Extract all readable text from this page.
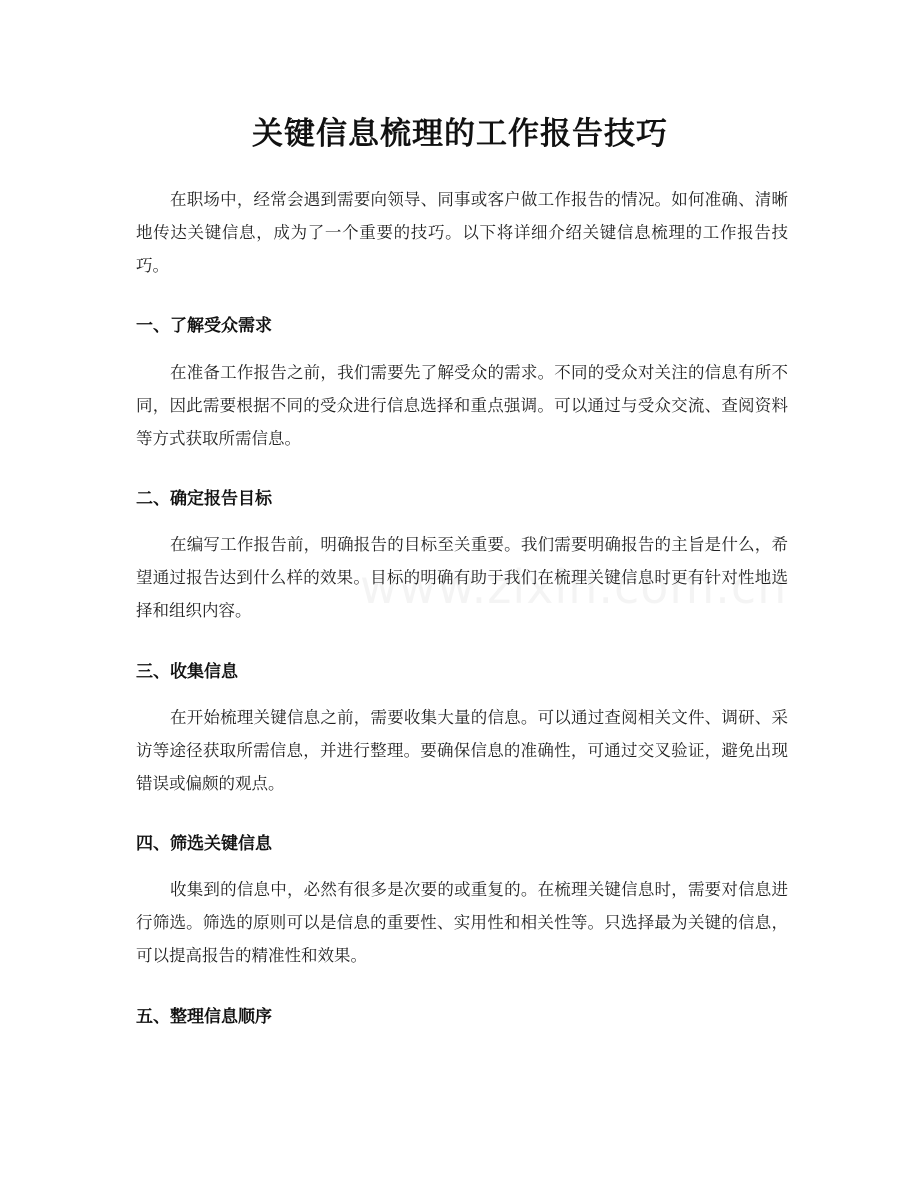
关键信息梳理的工作报告技巧

在职场中，经常会遇到需要向领导、同事或客户做工作报告的情况。如何准确、清晰地传达关键信息，成为了一个重要的技巧。以下将详细介绍关键信息梳理的工作报告技巧。

一、了解受众需求

在准备工作报告之前，我们需要先了解受众的需求。不同的受众对关注的信息有所不同，因此需要根据不同的受众进行信息选择和重点强调。可以通过与受众交流、查阅资料等方式获取所需信息。

二、确定报告目标

在编写工作报告前，明确报告的目标至关重要。我们需要明确报告的主旨是什么，希望通过报告达到什么样的效果。目标的明确有助于我们在梳理关键信息时更有针对性地选择和组织内容。

三、收集信息

在开始梳理关键信息之前，需要收集大量的信息。可以通过查阅相关文件、调研、采访等途径获取所需信息，并进行整理。要确保信息的准确性，可通过交叉验证，避免出现错误或偏颇的观点。

四、筛选关键信息

收集到的信息中，必然有很多是次要的或重复的。在梳理关键信息时，需要对信息进行筛选。筛选的原则可以是信息的重要性、实用性和相关性等。只选择最为关键的信息，可以提高报告的精准性和效果。

五、整理信息顺序
